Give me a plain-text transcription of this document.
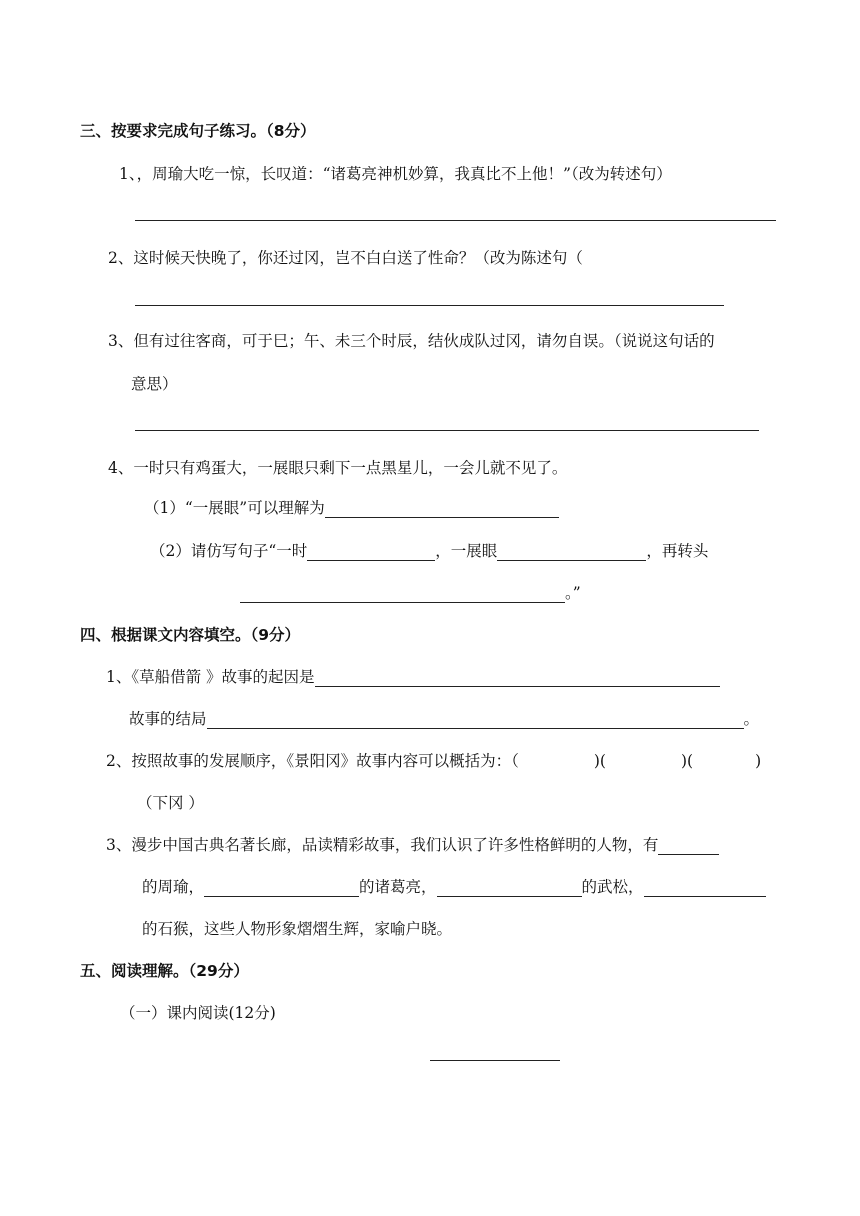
三、按要求完成句子练习。（8分）
1、，周瑜大吃一惊，长叹道：“诸葛亮神机妙算，我真比不上他！”（改为转述句）
2、这时候天快晚了，你还过冈，岂不白白送了性命？（改为陈述句（
3、但有过往客商，可于巳；午、未三个时辰，结伙成队过冈，请勿自误。（说说这句话的
意思）
4、一时只有鸡蛋大，一展眼只剩下一点黑星儿，一会儿就不见了。
（1）“一展眼”可以理解为
（2）请仿写句子“一时	，一展眼	，再转头
。”
四、根据课文内容填空。（9分）
1、《草船借箭 》故事的起因是
故事的结局	。
2、按照故事的发展顺序，《景阳冈》故事内容可以概括为：（	)(	)(	)
（下冈 ）
3、漫步中国古典名著长廊，品读精彩故事，我们认识了许多性格鲜明的人物，有
的周瑜，	的诸葛亮，	的武松，
的石猴，这些人物形象熠熠生辉，家喻户晓。
五、阅读理解。（29分）
（一）课内阅读(12分)
